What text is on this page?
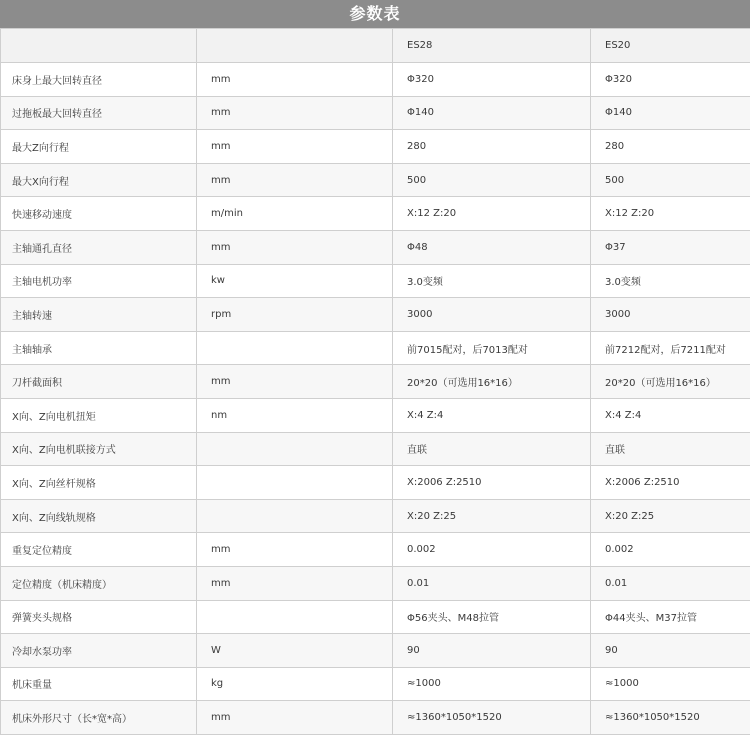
参数表
		ES28	ES20
床身上最大回转直径	mm	Φ320	Φ320
过拖板最大回转直径	mm	Φ140	Φ140
最大Z向行程	mm	280	280
最大X向行程	mm	500	500
快速移动速度	m/min	X:12 Z:20	X:12 Z:20
主轴通孔直径	mm	Φ48	Φ37
主轴电机功率	kw	3.0变频	3.0变频
主轴转速	rpm	3000	3000
主轴轴承		前7015配对，后7013配对	前7212配对，后7211配对
刀杆截面积	mm	20*20（可选用16*16）	20*20（可选用16*16）
X向、Z向电机扭矩	nm	X:4 Z:4	X:4 Z:4
X向、Z向电机联接方式		直联	直联
X向、Z向丝杆规格		X:2006 Z:2510	X:2006 Z:2510
X向、Z向线轨规格		X:20 Z:25	X:20 Z:25
重复定位精度	mm	0.002	0.002
定位精度（机床精度）	mm	0.01	0.01
弹簧夹头规格		Φ56夹头、M48拉管	Φ44夹头、M37拉管
冷却水泵功率	W	90	90
机床重量	kg	≈1000	≈1000
机床外形尺寸（长*宽*高）	mm	≈1360*1050*1520	≈1360*1050*1520
